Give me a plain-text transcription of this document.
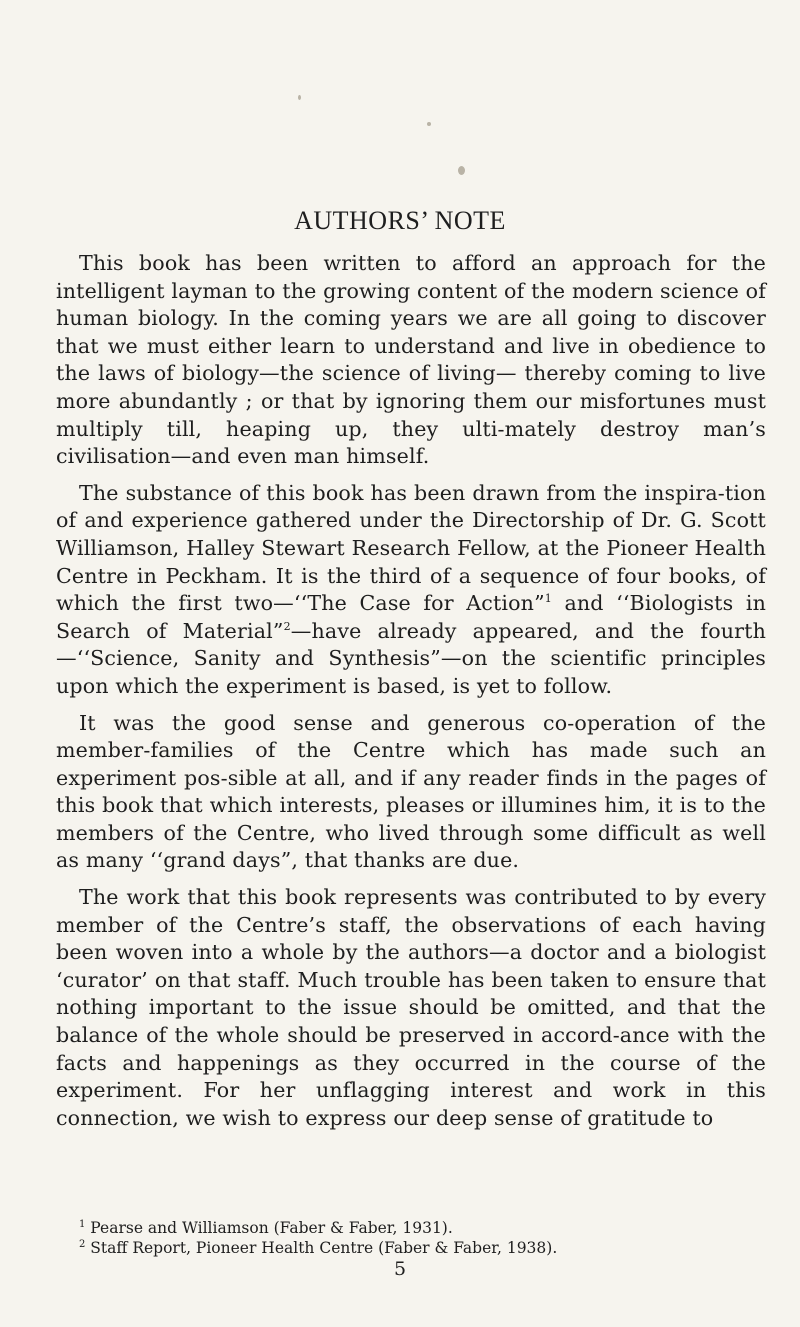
AUTHORS’ NOTE

This book has been written to afford an approach for the intelligent layman to the growing content of the modern science of human biology. In the coming years we are all going to discover that we must either learn to understand and live in obedience to the laws of biology—the science of living— thereby coming to live more abundantly ; or that by ignoring them our misfortunes must multiply till, heaping up, they ulti-mately destroy man’s civilisation—and even man himself.

The substance of this book has been drawn from the inspira-tion of and experience gathered under the Directorship of Dr. G. Scott Williamson, Halley Stewart Research Fellow, at the Pioneer Health Centre in Peckham. It is the third of a sequence of four books, of which the first two—‘‘The Case for Action”$^1$ and ‘‘Biologists in Search of Material”$^2$—have already appeared, and the fourth—‘‘Science, Sanity and Synthesis”—on the scientific principles upon which the experiment is based, is yet to follow.

It was the good sense and generous co-operation of the member-families of the Centre which has made such an experiment pos-sible at all, and if any reader finds in the pages of this book that which interests, pleases or illumines him, it is to the members of the Centre, who lived through some difficult as well as many ‘‘grand days”, that thanks are due.

The work that this book represents was contributed to by every member of the Centre’s staff, the observations of each having been woven into a whole by the authors—a doctor and a biologist ‘curator’ on that staff. Much trouble has been taken to ensure that nothing important to the issue should be omitted, and that the balance of the whole should be preserved in accord-ance with the facts and happenings as they occurred in the course of the experiment. For her unflagging interest and work in this connection, we wish to express our deep sense of gratitude to

$^1$ Pearse and Williamson (Faber & Faber, 1931).

$^2$ Staff Report, Pioneer Health Centre (Faber & Faber, 1938).

5
